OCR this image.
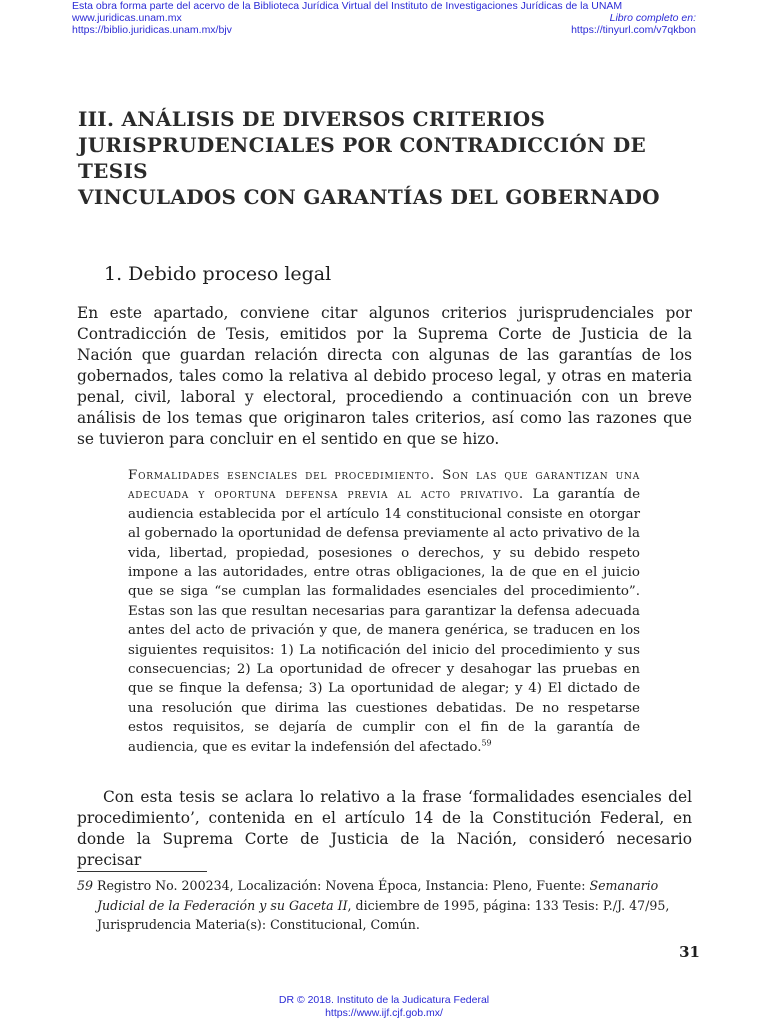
Esta obra forma parte del acervo de la Biblioteca Jurídica Virtual del Instituto de Investigaciones Jurídicas de la UNAM
www.juridicas.unam.mx	Libro completo en:
https://biblio.juridicas.unam.mx/bjv	https://tinyurl.com/v7qkbon
III. ANÁLISIS DE DIVERSOS CRITERIOS
JURISPRUDENCIALES POR CONTRADICCIÓN DE TESIS
VINCULADOS CON GARANTÍAS DEL GOBERNADO
1. Debido proceso legal

En este apartado, conviene citar algunos criterios jurisprudenciales por Contradicción de Tesis, emitidos por la Suprema Corte de Justicia de la Nación que guardan relación directa con algunas de las garantías de los gobernados, tales como la relativa al debido proceso legal, y otras en materia penal, civil, laboral y electoral, procediendo a continuación con un breve análisis de los temas que originaron tales criterios, así como las razones que se tuvieron para concluir en el sentido en que se hizo.

Formalidades esenciales del procedimiento. Son las que garantizan una adecuada y oportuna defensa previa al acto privativo. La garantía de audiencia establecida por el artículo 14 constitucional consiste en otorgar al gobernado la oportunidad de defensa previamente al acto privativo de la vida, libertad, propiedad, posesiones o derechos, y su debido respeto impone a las autoridades, entre otras obligaciones, la de que en el juicio que se siga “se cumplan las formalidades esenciales del procedimiento”. Estas son las que resultan necesarias para garantizar la defensa adecuada antes del acto de privación y que, de manera genérica, se traducen en los siguientes requisitos: 1) La notificación del inicio del procedimiento y sus consecuencias; 2) La oportunidad de ofrecer y desahogar las pruebas en que se finque la defensa; 3) La oportunidad de alegar; y 4) El dictado de una resolución que dirima las cuestiones debatidas. De no respetarse estos requisitos, se dejaría de cumplir con el fin de la garantía de audiencia, que es evitar la indefensión del afectado.$^{59}$

Con esta tesis se aclara lo relativo a la frase ‘formalidades esenciales del procedimiento’, contenida en el artículo 14 de la Constitución Federal, en donde la Suprema Corte de Justicia de la Nación, consideró necesario precisar

59 Registro No. 200234, Localización: Novena Época, Instancia: Pleno, Fuente: Semanario Judicial de la Federación y su Gaceta II, diciembre de 1995, página: 133 Tesis: P./J. 47/95, Jurisprudencia Materia(s): Constitucional, Común.
31
DR © 2018. Instituto de la Judicatura Federal
https://www.ijf.cjf.gob.mx/
